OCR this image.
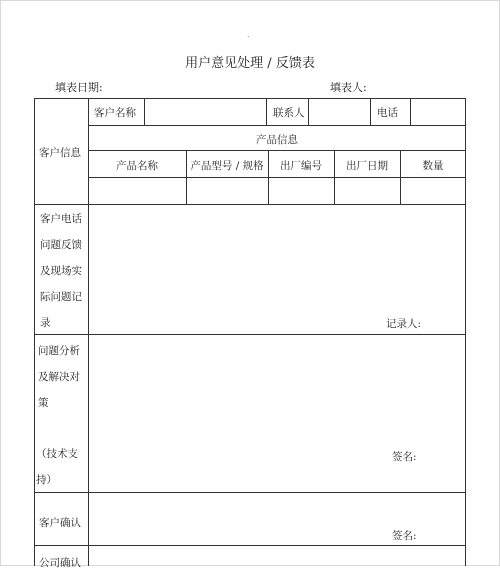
.
用户意见处理 / 反馈表
填表日期:	填表人:
客户信息
客户名称	联系人	电话
产品信息
产品名称	产品型号 / 规格	出厂编号	出厂日期	数量
客户电话
问题反馈
及现场实
际问题记
录	记录人:
问题分析
及解决对
策
（技术支
持）
签名:
客户确认
签名:
公司确认
